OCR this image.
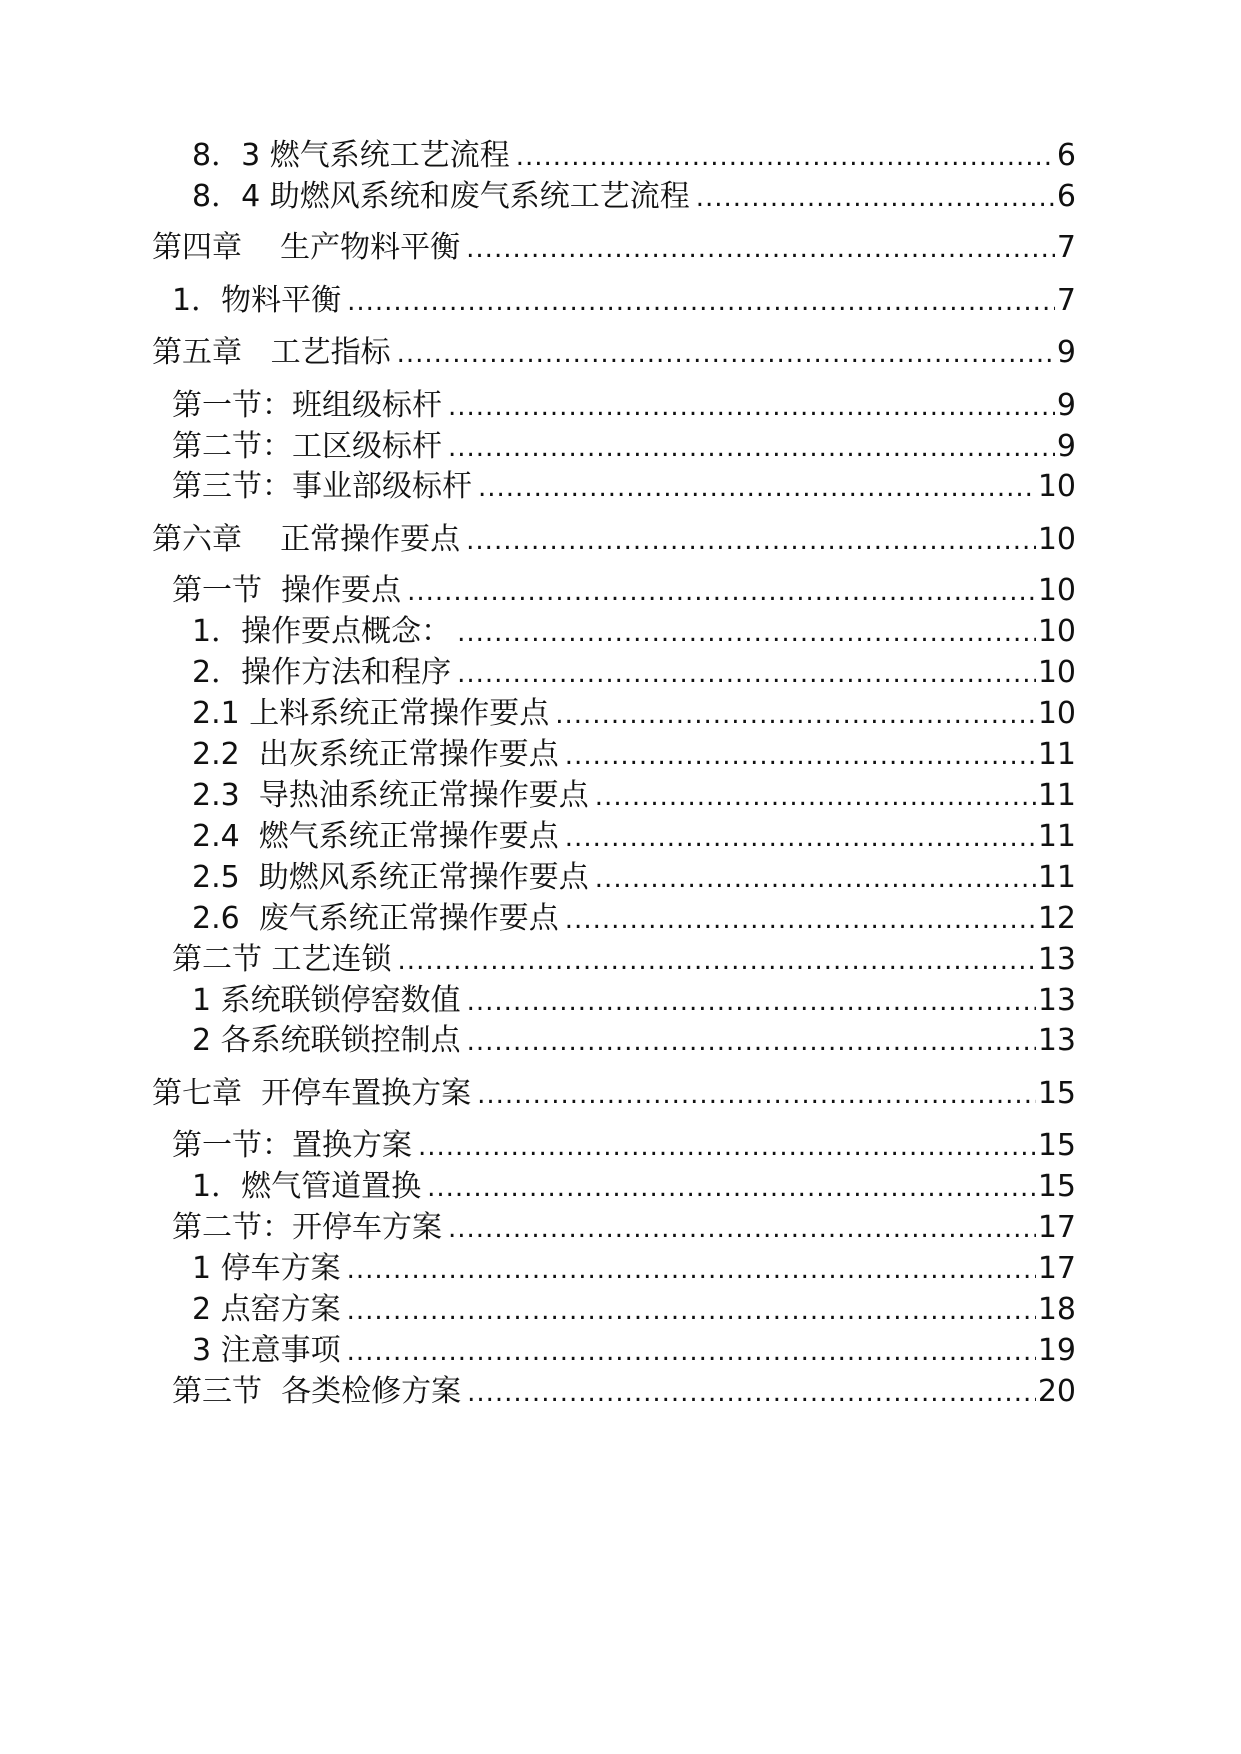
8．3 燃气系统工艺流程 .....	6
8．4 助燃风系统和废气系统工艺流程 .....	6
第四章    生产物料平衡 .....	7
1．物料平衡 .....	7
第五章   工艺指标 .....	9
第一节：班组级标杆 .....	9
第二节：工区级标杆 .....	9
第三节：事业部级标杆 .....	10
第六章    正常操作要点 .....	10
第一节  操作要点 .....	10
1．操作要点概念： .....	10
2．操作方法和程序 .....	10
2.1 上料系统正常操作要点 .....	10
2.2  出灰系统正常操作要点 .....	11
2.3  导热油系统正常操作要点 .....	11
2.4  燃气系统正常操作要点 .....	11
2.5  助燃风系统正常操作要点 .....	11
2.6  废气系统正常操作要点 .....	12
第二节 工艺连锁 .....	13
1 系统联锁停窑数值 .....	13
2 各系统联锁控制点 .....	13
第七章  开停车置换方案 .....	15
第一节：置换方案 .....	15
1．燃气管道置换 .....	15
第二节：开停车方案 .....	17
1 停车方案 .....	17
2 点窑方案 .....	18
3 注意事项 .....	19
第三节  各类检修方案 .....	20
